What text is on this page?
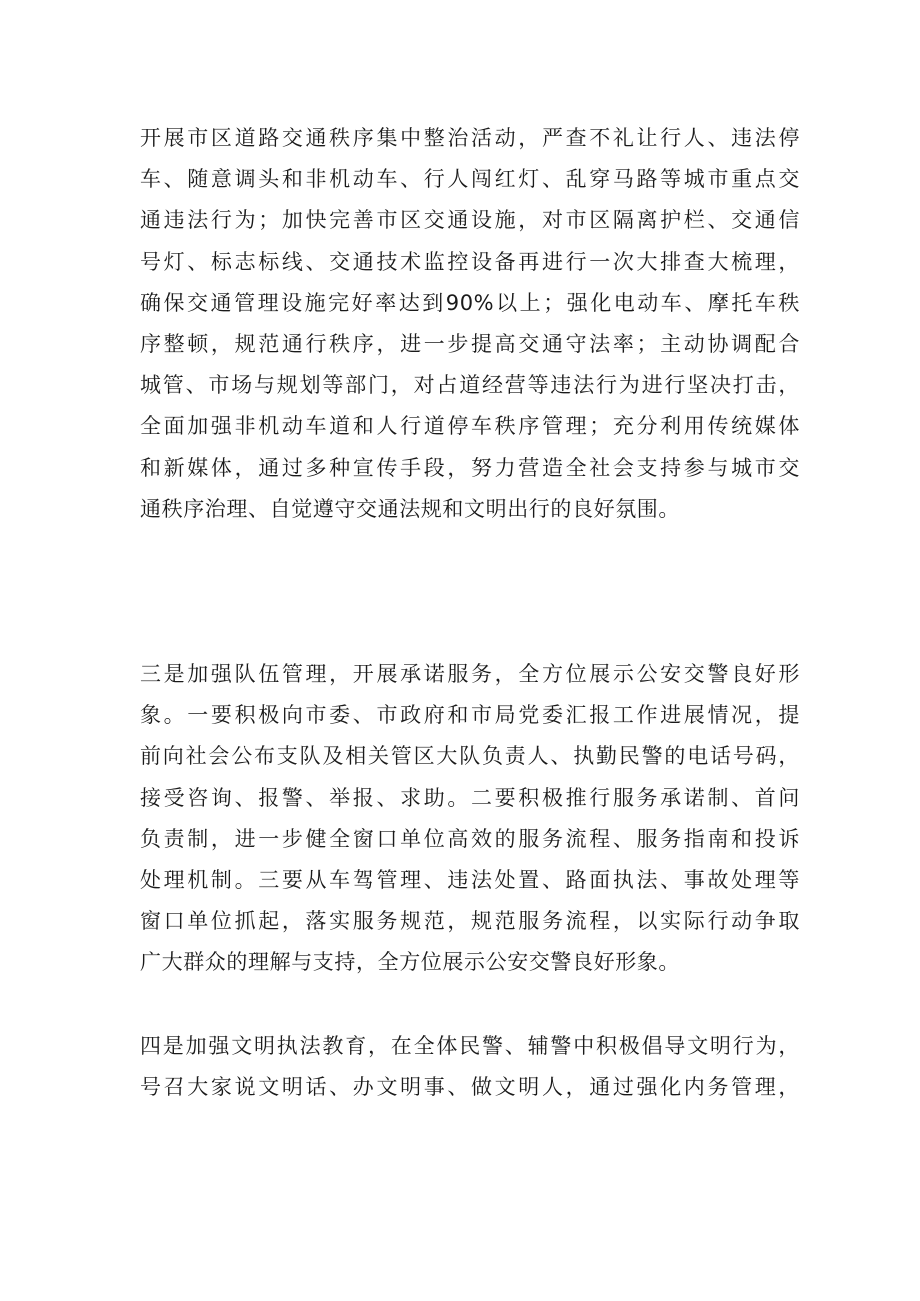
开展市区道路交通秩序集中整治活动，严查不礼让行人、违法停
车、随意调头和非机动车、行人闯红灯、乱穿马路等城市重点交
通违法行为；加快完善市区交通设施，对市区隔离护栏、交通信
号灯、标志标线、交通技术监控设备再进行一次大排查大梳理，
确保交通管理设施完好率达到90%以上；强化电动车、摩托车秩
序整顿，规范通行秩序，进一步提高交通守法率；主动协调配合
城管、市场与规划等部门，对占道经营等违法行为进行坚决打击，
全面加强非机动车道和人行道停车秩序管理；充分利用传统媒体
和新媒体，通过多种宣传手段，努力营造全社会支持参与城市交
通秩序治理、自觉遵守交通法规和文明出行的良好氛围。
三是加强队伍管理，开展承诺服务，全方位展示公安交警良好形
象。一要积极向市委、市政府和市局党委汇报工作进展情况，提
前向社会公布支队及相关管区大队负责人、执勤民警的电话号码，
接受咨询、报警、举报、求助。二要积极推行服务承诺制、首问
负责制，进一步健全窗口单位高效的服务流程、服务指南和投诉
处理机制。三要从车驾管理、违法处置、路面执法、事故处理等
窗口单位抓起，落实服务规范，规范服务流程，以实际行动争取
广大群众的理解与支持，全方位展示公安交警良好形象。
四是加强文明执法教育，在全体民警、辅警中积极倡导文明行为，
号召大家说文明话、办文明事、做文明人，通过强化内务管理，
